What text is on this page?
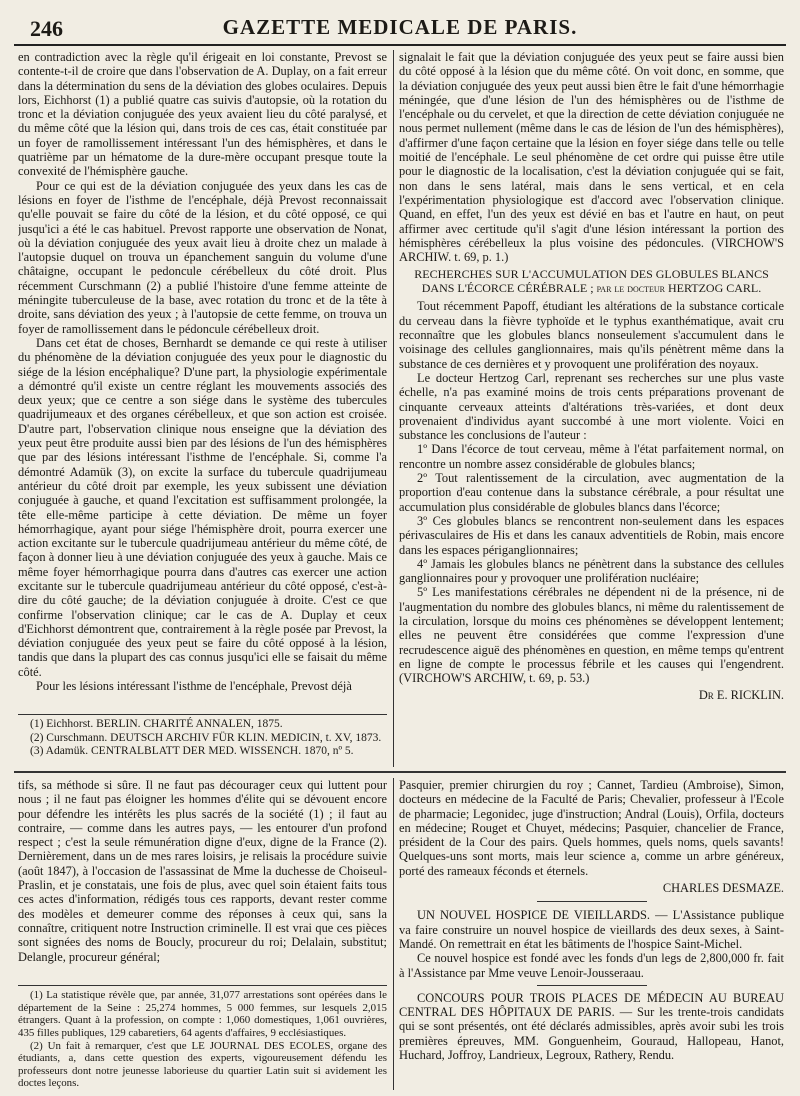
246	GAZETTE MEDICALE DE PARIS.

en contradiction avec la règle qu'il érigeait en loi constante, Prevost se contente-t-il de croire que dans l'observation de A. Duplay, on a fait erreur dans la détermination du sens de la déviation des globes oculaires. Depuis lors, Eichhorst (1) a publié quatre cas suivis d'autopsie, où la rotation du tronc et la déviation conjuguée des yeux avaient lieu du côté paralysé, et du même côté que la lésion qui, dans trois de ces cas, était constituée par un foyer de ramollissement intéressant l'un des hémisphères, et dans le quatrième par un hématome de la dure-mère occupant presque toute la convexité de l'hémisphère gauche.

Pour ce qui est de la déviation conjuguée des yeux dans les cas de lésions en foyer de l'isthme de l'encéphale, déjà Prevost reconnaissait qu'elle pouvait se faire du côté de la lésion, et du côté opposé, ce qui jusqu'ici a été le cas habituel. Prevost rapporte une observation de Nonat, où la déviation conjuguée des yeux avait lieu à droite chez un malade à l'autopsie duquel on trouva un épanchement sanguin du volume d'une châtaigne, occupant le pedoncule cérébelleux du côté droit. Plus récemment Curschmann (2) a publié l'histoire d'une femme atteinte de méningite tuberculeuse de la base, avec rotation du tronc et de la tête à droite, sans déviation des yeux ; à l'autopsie de cette femme, on trouva un foyer de ramollissement dans le pédoncule cérébelleux droit.

Dans cet état de choses, Bernhardt se demande ce qui reste à utiliser du phénomène de la déviation conjuguée des yeux pour le diagnostic du siége de la lésion encéphalique? D'une part, la physiologie expérimentale a démontré qu'il existe un centre réglant les mouvements associés des deux yeux; que ce centre a son siége dans le système des tubercules quadrijumeaux et des organes cérébelleux, et que son action est croisée. D'autre part, l'observation clinique nous enseigne que la déviation des yeux peut être produite aussi bien par des lésions de l'un des hémisphères que par des lésions intéressant l'isthme de l'encéphale. Si, comme l'a démontré Adamük (3), on excite la surface du tubercule quadrijumeau antérieur du côté droit par exemple, les yeux subissent une déviation conjuguée à gauche, et quand l'excitation est suffisamment prolongée, la tête elle-même participe à cette déviation. De même un foyer hémorrhagique, ayant pour siége l'hémisphère droit, pourra exercer une action excitante sur le tubercule quadrijumeau antérieur du même côté, de façon à donner lieu à une déviation conjuguée des yeux à gauche. Mais ce même foyer hémorrhagique pourra dans d'autres cas exercer une action excitante sur le tubercule quadrijumeau antérieur du côté opposé, c'est-à-dire du côté gauche; de la déviation conjuguée à droite. C'est ce que confirme l'observation clinique; car le cas de A. Duplay et ceux d'Eichhorst démontrent que, contrairement à la règle posée par Prevost, la déviation conjuguée des yeux peut se faire du côté opposé à la lésion, tandis que dans la plupart des cas connus jusqu'ici elle se faisait du même côté.

Pour les lésions intéressant l'isthme de l'encéphale, Prevost déjà

(1) Eichhorst. BERLIN. CHARITÉ ANNALEN, 1875.
(2) Curschmann. DEUTSCH ARCHIV FÜR KLIN. MEDICIN, t. XV, 1873.
(3) Adamük. CENTRALBLATT DER MED. WISSENCH. 1870, nº 5.

signalait le fait que la déviation conjuguée des yeux peut se faire aussi bien du côté opposé à la lésion que du même côté. On voit donc, en somme, que la déviation conjuguée des yeux peut aussi bien être le fait d'une hémorrhagie méningée, que d'une lésion de l'un des hémisphères ou de l'isthme de l'encéphale ou du cervelet, et que la direction de cette déviation conjuguée ne nous permet nullement (même dans le cas de lésion de l'un des hémisphères), d'affirmer d'une façon certaine que la lésion en foyer siége dans telle ou telle moitié de l'encéphale. Le seul phénomène de cet ordre qui puisse être utile pour le diagnostic de la localisation, c'est la déviation conjuguée qui se fait, non dans le sens latéral, mais dans le sens vertical, et en cela l'expérimentation physiologique est d'accord avec l'observation clinique. Quand, en effet, l'un des yeux est dévié en bas et l'autre en haut, on peut affirmer avec certitude qu'il s'agit d'une lésion intéressant la portion des hémisphères cérébelleux la plus voisine des pédoncules. (VIRCHOW'S ARCHIW. t. 69, p. 1.)

RECHERCHES SUR L'ACCUMULATION DES GLOBULES BLANCS DANS L'ÉCORCE CÉRÉBRALE ; par le docteur HERTZOG CARL.

Tout récemment Papoff, étudiant les altérations de la substance corticale du cerveau dans la fièvre typhoïde et le typhus exanthématique, avait cru reconnaître que les globules blancs nonseulement s'accumulent dans le voisinage des cellules ganglionnaires, mais qu'ils pénètrent même dans la substance de ces dernières et y provoquent une prolifération des noyaux.

Le docteur Hertzog Carl, reprenant ses recherches sur une plus vaste échelle, n'a pas examiné moins de trois cents préparations provenant de cinquante cerveaux atteints d'altérations très-variées, et dont deux provenaient d'individus ayant succombé à une mort violente. Voici en substance les conclusions de l'auteur :

1º Dans l'écorce de tout cerveau, même à l'état parfaitement normal, on rencontre un nombre assez considérable de globules blancs;

2º Tout ralentissement de la circulation, avec augmentation de la proportion d'eau contenue dans la substance cérébrale, a pour résultat une accumulation plus considérable de globules blancs dans l'écorce;

3º Ces globules blancs se rencontrent non-seulement dans les espaces périvasculaires de His et dans les canaux adventitiels de Robin, mais encore dans les espaces périganglionnaires;

4º Jamais les globules blancs ne pénètrent dans la substance des cellules ganglionnaires pour y provoquer une prolifération nucléaire;

5º Les manifestations cérébrales ne dépendent ni de la présence, ni de l'augmentation du nombre des globules blancs, ni même du ralentissement de la circulation, lorsque du moins ces phénomènes se développent lentement; elles ne peuvent être considérées que comme l'expression d'une recrudescence aiguë des phénomènes en question, en même temps qu'entrent en ligne de compte le processus fébrile et les causes qui l'engendrent. (VIRCHOW'S ARCHIW, t. 69, p. 53.)

Dr E. RICKLIN.

tifs, sa méthode si sûre. Il ne faut pas décourager ceux qui luttent pour nous ; il ne faut pas éloigner les hommes d'élite qui se dévouent encore pour défendre les intérêts les plus sacrés de la société (1) ; il faut au contraire, — comme dans les autres pays, — les entourer d'un profond respect ; c'est la seule rémunération digne d'eux, digne de la France (2). Dernièrement, dans un de mes rares loisirs, je relisais la procédure suivie (août 1847), à l'occasion de l'assassinat de Mme la duchesse de Choiseul-Praslin, et je constatais, une fois de plus, avec quel soin étaient faits tous ces actes d'information, rédigés tous ces rapports, devant rester comme des modèles et demeurer comme des réponses à ceux qui, sans la connaître, critiquent notre Instruction criminelle. Il est vrai que ces pièces sont signées des noms de Boucly, procureur du roi; Delalain, substitut; Delangle, procureur général;

(1) La statistique révèle que, par année, 31,077 arrestations sont opérées dans le département de la Seine : 25,274 hommes, 5 000 femmes, sur lesquels 2,015 étrangers. Quant à la profession, on compte : 1,060 domestiques, 1,061 ouvrières, 435 filles publiques, 129 cabaretiers, 64 agents d'affaires, 9 ecclésiastiques.

(2) Un fait à remarquer, c'est que LE JOURNAL DES ECOLES, organe des étudiants, a, dans cette question des experts, vigoureusement défendu les professeurs dont notre jeunesse laborieuse du quartier Latin suit si avidement les doctes leçons.

Pasquier, premier chirurgien du roy ; Cannet, Tardieu (Ambroise), Simon, docteurs en médecine de la Faculté de Paris; Chevalier, professeur à l'Ecole de pharmacie; Legonidec, juge d'instruction; Andral (Louis), Orfila, docteurs en médecine; Rouget et Chuyet, médecins; Pasquier, chancelier de France, président de la Cour des pairs. Quels hommes, quels noms, quels savants! Quelques-uns sont morts, mais leur science a, comme un arbre généreux, porté des rameaux féconds et éternels.

CHARLES DESMAZE.

UN NOUVEL HOSPICE DE VIEILLARDS. — L'Assistance publique va faire construire un nouvel hospice de vieillards des deux sexes, à Saint-Mandé. On remettrait en état les bâtiments de l'hospice Saint-Michel.

Ce nouvel hospice est fondé avec les fonds d'un legs de 2,800,000 fr. fait à l'Assistance par Mme veuve Lenoir-Jousseraau.

CONCOURS POUR TROIS PLACES DE MÉDECIN AU BUREAU CENTRAL DES HÔPITAUX DE PARIS. — Sur les trente-trois candidats qui se sont présentés, ont été déclarés admissibles, après avoir subi les trois premières épreuves, MM. Gonguenheim, Gouraud, Hallopeau, Hanot, Huchard, Joffroy, Landrieux, Legroux, Rathery, Rendu.
